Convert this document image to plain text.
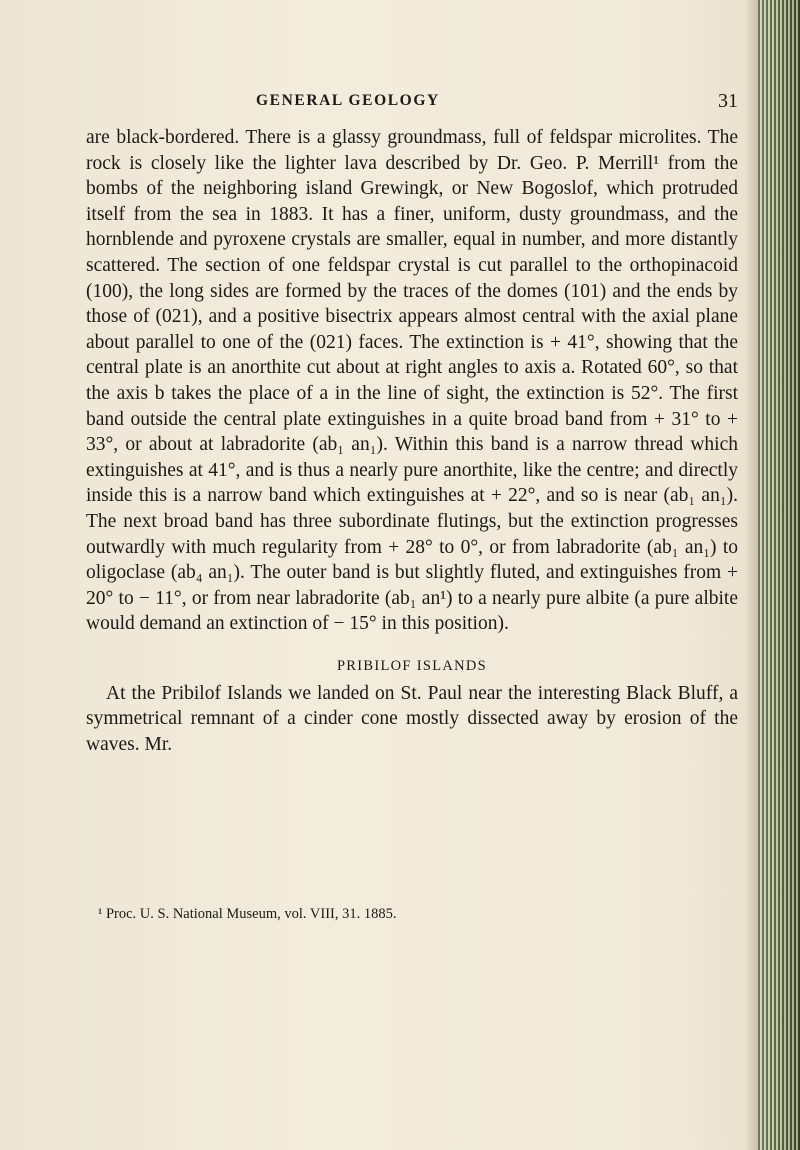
GENERAL GEOLOGY	31

are black-bordered. There is a glassy groundmass, full of feldspar microlites. The rock is closely like the lighter lava described by Dr. Geo. P. Merrill¹ from the bombs of the neighboring island Grewingk, or New Bogoslof, which protruded itself from the sea in 1883. It has a finer, uniform, dusty groundmass, and the hornblende and pyroxene crystals are smaller, equal in number, and more distantly scattered. The section of one feldspar crystal is cut parallel to the orthopinacoid (100), the long sides are formed by the traces of the domes (101) and the ends by those of (021), and a positive bisectrix appears almost central with the axial plane about parallel to one of the (021) faces. The extinction is + 41°, showing that the central plate is an anorthite cut about at right angles to axis a. Rotated 60°, so that the axis b takes the place of a in the line of sight, the extinction is 52°. The first band outside the central plate extinguishes in a quite broad band from + 31° to + 33°, or about at labradorite (ab₁ an₁). Within this band is a narrow thread which extinguishes at 41°, and is thus a nearly pure anorthite, like the centre; and directly inside this is a narrow band which extinguishes at + 22°, and so is near (ab₁ an₁). The next broad band has three subordinate flutings, but the extinction progresses outwardly with much regularity from + 28° to 0°, or from labradorite (ab₁ an₁) to oligoclase (ab₄ an₁). The outer band is but slightly fluted, and extinguishes from + 20° to − 11°, or from near labradorite (ab₁ an¹) to a nearly pure albite (a pure albite would demand an extinction of − 15° in this position).

PRIBILOF ISLANDS

At the Pribilof Islands we landed on St. Paul near the interesting Black Bluff, a symmetrical remnant of a cinder cone mostly dissected away by erosion of the waves. Mr.

¹ Proc. U. S. National Museum, vol. VIII, 31. 1885.
